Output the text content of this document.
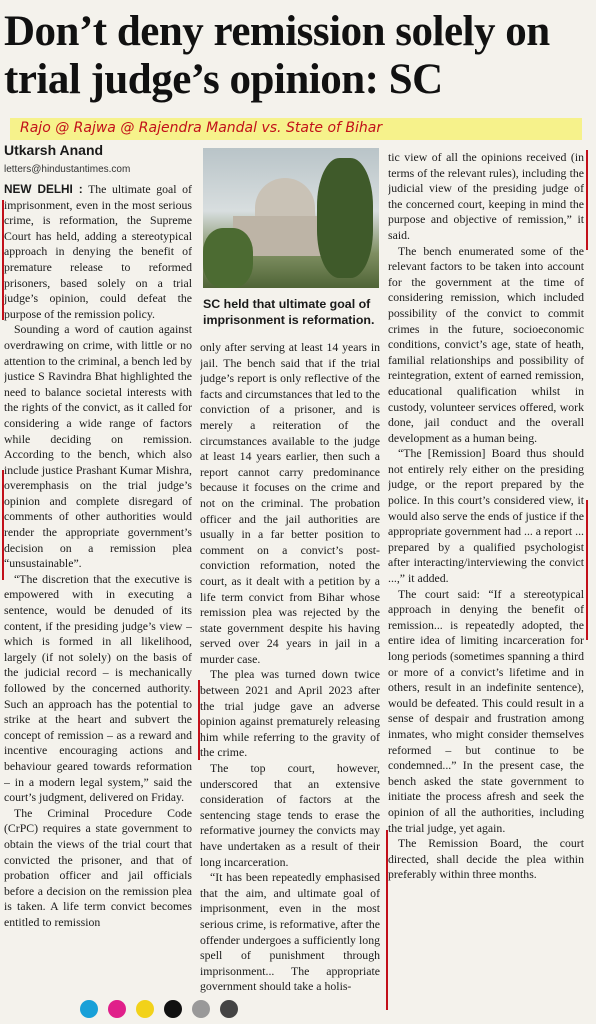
Don’t deny remission solely on trial judge’s opinion: SC
Rajo @ Rajwa @ Rajendra Mandal vs. State of Bihar
Utkarsh Anand
letters@hindustantimes.com

NEW DELHI : The ultimate goal of imprisonment, even in the most serious crime, is reformation, the Supreme Court has held, adding a stereotypical approach in denying the benefit of premature release to reformed prisoners, based solely on a trial judge’s opinion, could defeat the purpose of the remission policy.

Sounding a word of caution against overdrawing on crime, with little or no attention to the criminal, a bench led by justice S Ravindra Bhat highlighted the need to balance societal interests with the rights of the convict, as it called for considering a wide range of factors while deciding on remission. According to the bench, which also include justice Prashant Kumar Mishra, overemphasis on the trial judge’s opinion and complete disregard of comments of other authorities would render the appropriate government’s decision on a remission plea “unsustainable”.

“The discretion that the executive is empowered with in executing a sentence, would be denuded of its content, if the presiding judge’s view – which is formed in all likelihood, largely (if not solely) on the basis of the judicial record – is mechanically followed by the concerned authority. Such an approach has the potential to strike at the heart and subvert the concept of remission – as a reward and incentive encouraging actions and behaviour geared towards reformation – in a modern legal system,” said the court’s judgment, delivered on Friday.

The Criminal Procedure Code (CrPC) requires a state government to obtain the views of the trial court that convicted the prisoner, and that of probation officer and jail officials before a decision on the remission plea is taken. A life term convict becomes entitled to remission

SC held that ultimate goal of imprisonment is reformation.

only after serving at least 14 years in jail. The bench said that if the trial judge’s report is only reflective of the facts and circumstances that led to the conviction of a prisoner, and is merely a reiteration of the circumstances available to the judge at least 14 years earlier, then such a report cannot carry predominance because it focuses on the crime and not on the criminal. The probation officer and the jail authorities are usually in a far better position to comment on a convict’s post-conviction reformation, noted the court, as it dealt with a petition by a life term convict from Bihar whose remission plea was rejected by the state government despite his having served over 24 years in jail in a murder case.

The plea was turned down twice between 2021 and April 2023 after the trial judge gave an adverse opinion against prematurely releasing him while referring to the gravity of the crime.

The top court, however, underscored that an extensive consideration of factors at the sentencing stage tends to erase the reformative journey the convicts may have undertaken as a result of their long incarceration.

“It has been repeatedly emphasised that the aim, and ultimate goal of imprisonment, even in the most serious crime, is reformative, after the offender undergoes a sufficiently long spell of punishment through imprisonment... The appropriate government should take a holis-

tic view of all the opinions received (in terms of the relevant rules), including the judicial view of the presiding judge of the concerned court, keeping in mind the purpose and objective of remission,” it said.

The bench enumerated some of the relevant factors to be taken into account for the government at the time of considering remission, which included possibility of the convict to commit crimes in the future, socioeconomic conditions, convict’s age, state of heath, familial relationships and possibility of reintegration, extent of earned remission, educational qualification whilst in custody, volunteer services offered, work done, jail conduct and the overall development as a human being.

“The [Remission] Board thus should not entirely rely either on the presiding judge, or the report prepared by the police. In this court’s considered view, it would also serve the ends of justice if the appropriate government had ... a report ... prepared by a qualified psychologist after interacting/interviewing the convict ...,” it added.

The court said: “If a stereotypical approach in denying the benefit of remission... is repeatedly adopted, the entire idea of limiting incarceration for long periods (sometimes spanning a third or more of a convict’s lifetime and in others, result in an indefinite sentence), would be defeated. This could result in a sense of despair and frustration among inmates, who might consider themselves reformed – but continue to be condemned...” In the present case, the bench asked the state government to initiate the process afresh and seek the opinion of all the authorities, including the trial judge, yet again.

The Remission Board, the court directed, shall decide the plea within preferably within three months.
